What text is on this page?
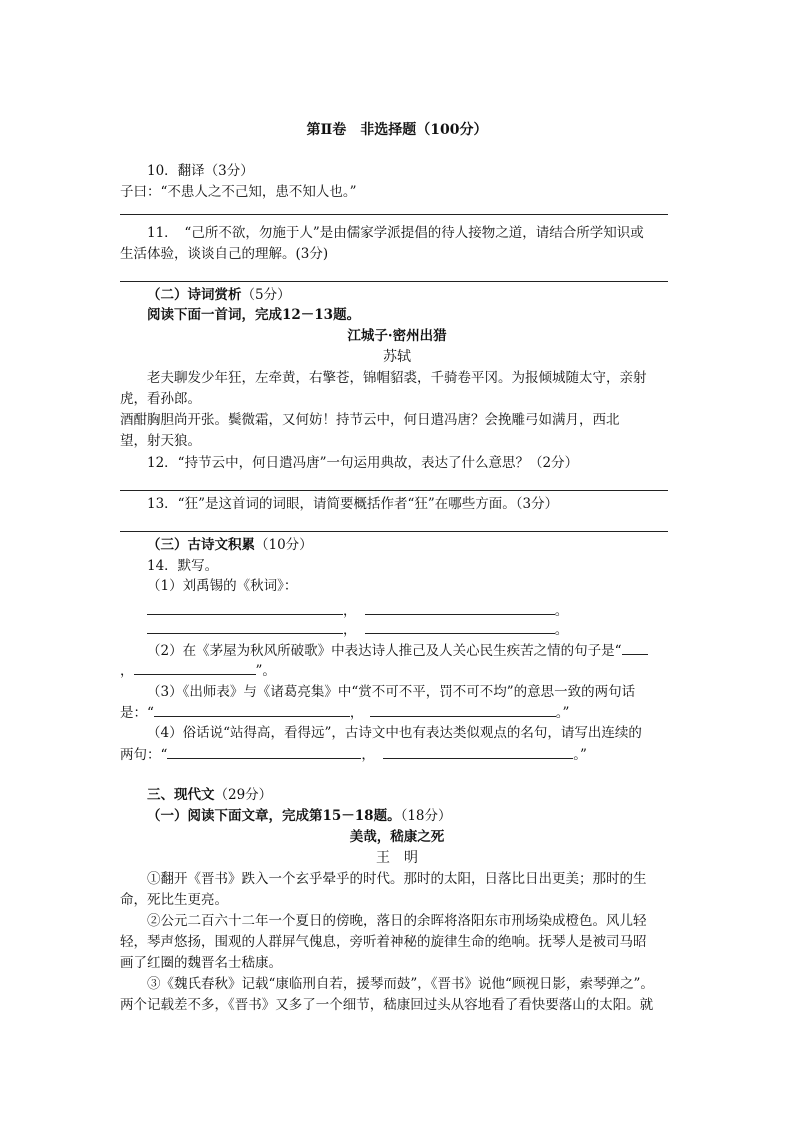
第Ⅱ卷　非选择题（100分）
10．翻译（3分）
子曰：“不患人之不己知，患不知人也。”
11．　“己所不欲，勿施于人”是由儒家学派提倡的待人接物之道，请结合所学知识或
生活体验，谈谈自己的理解。(3分)
（二）诗词赏析（5分）
阅读下面一首词，完成12－13题。
江城子·密州出猎
苏轼
老夫聊发少年狂，左牵黄，右擎苍，锦帽貂裘，千骑卷平冈。为报倾城随太守，亲射
虎，看孙郎。
酒酣胸胆尚开张。鬓微霜，又何妨！持节云中，何日遣冯唐？会挽雕弓如满月，西北
望，射天狼。
12．“持节云中，何日遣冯唐”一句运用典故，表达了什么意思？（2分）
13．“狂”是这首词的词眼，请简要概括作者“狂”在哪些方面。（3分）
（三）古诗文积累（10分）
14．默写。
（1）刘禹锡的《秋词》：
，	。
，	。
（2）在《茅屋为秋风所破歌》中表达诗人推己及人关心民生疾苦之情的句子是“
，	”。
（3）《出师表》与《诸葛亮集》中“赏不可不平，罚不可不均”的意思一致的两句话
是：“	，	。”
（4）俗话说“站得高，看得远”，古诗文中也有表达类似观点的名句，请写出连续的
两句：“	，	。”
三、现代文（29分）
（一）阅读下面文章，完成第15－18题。（18分）
美哉，嵇康之死
王　明
①翻开《晋书》跌入一个玄乎晕乎的时代。那时的太阳，日落比日出更美；那时的生
命，死比生更亮。
②公元二百六十二年一个夏日的傍晚，落日的余晖将洛阳东市刑场染成橙色。风儿轻
轻，琴声悠扬，围观的人群屏气傀息，旁听着神秘的旋律生命的绝响。抚琴人是被司马昭
画了红圈的魏晋名士嵇康。
③《魏氏春秋》记载“康临刑自若，援琴而鼓”，《晋书》说他“顾视日影，索琴弹之”。
两个记载差不多，《晋书》又多了一个细节，嵇康回过头从容地看了看快要落山的太阳。就
